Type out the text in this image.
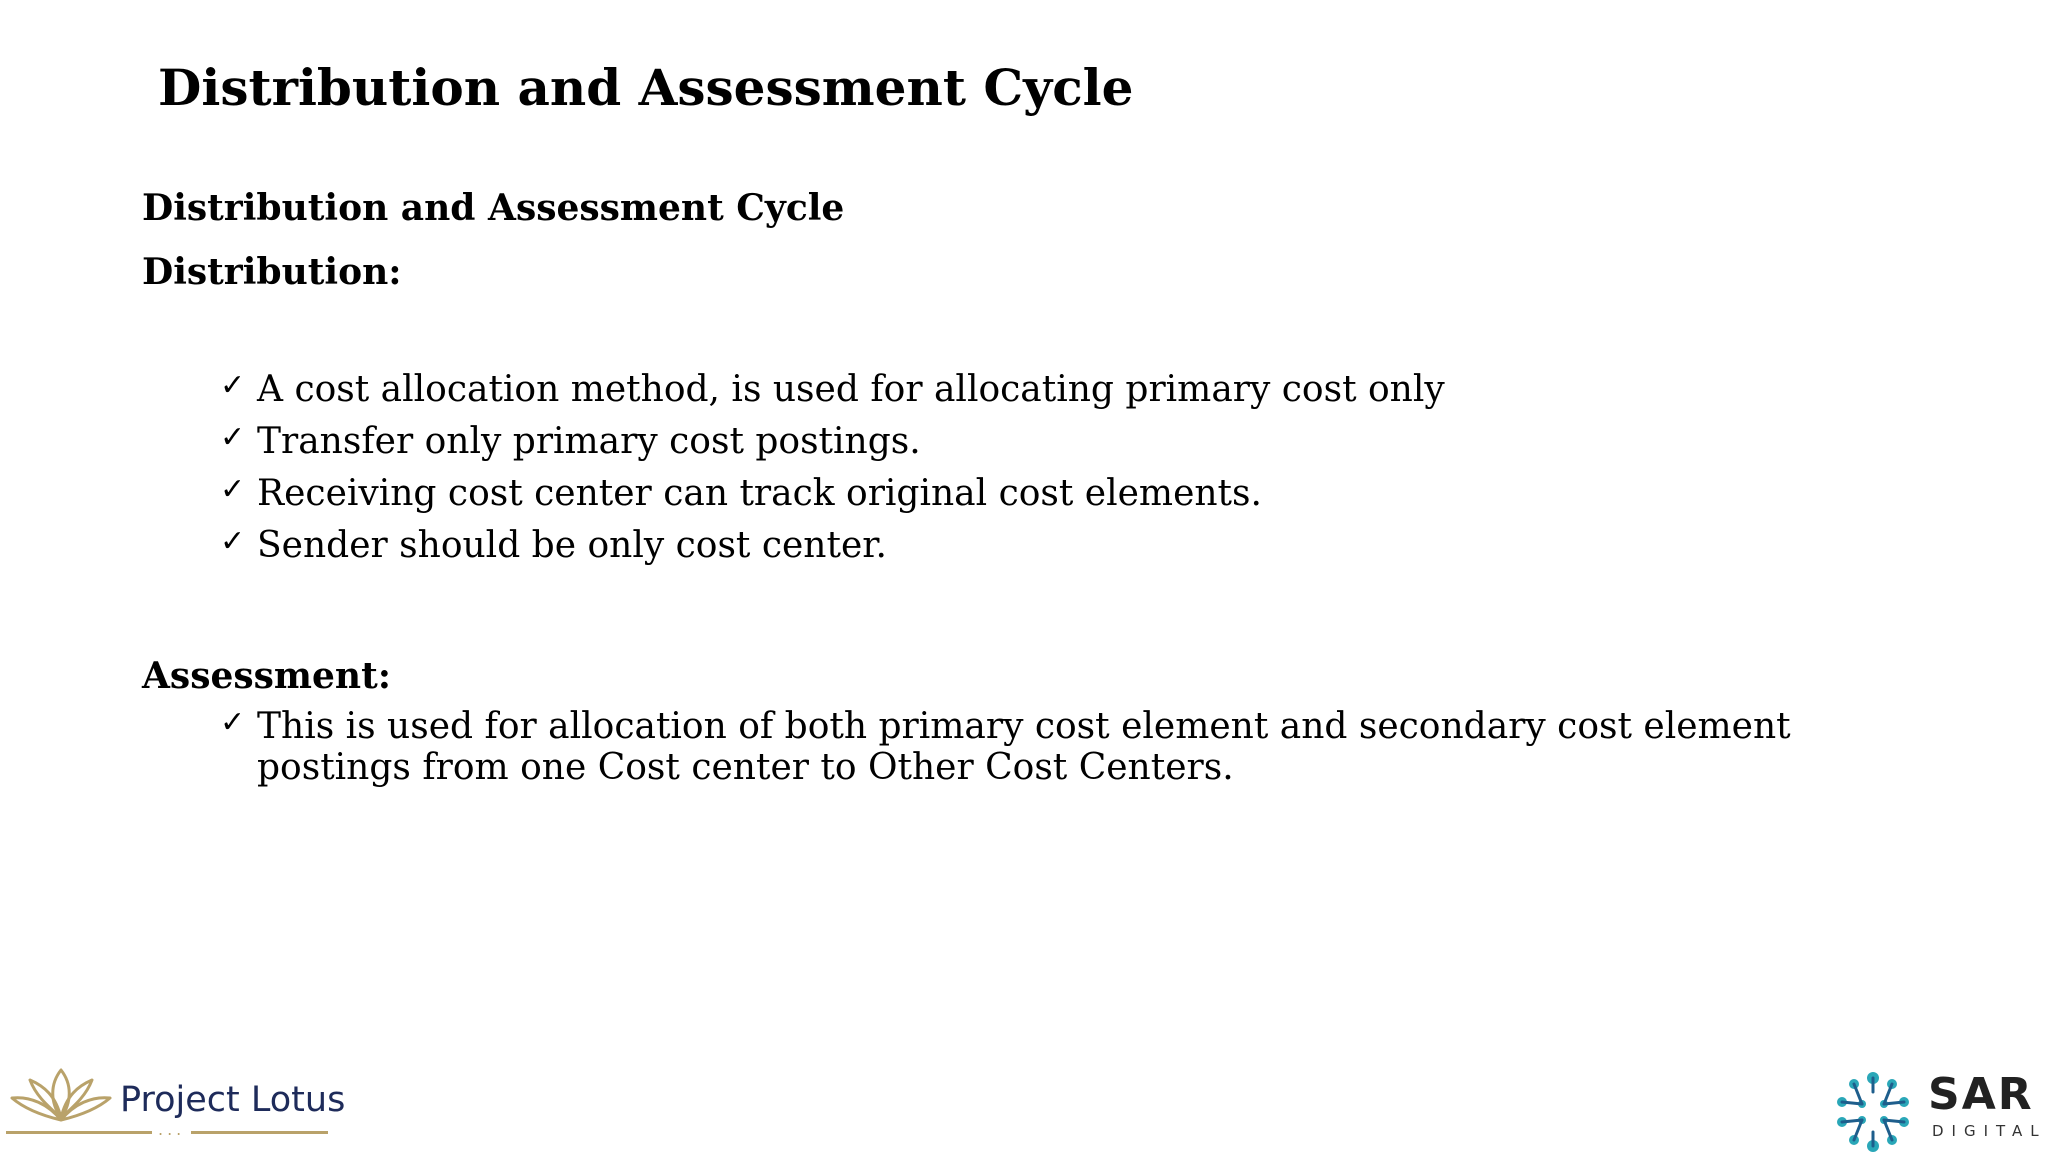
Distribution and Assessment Cycle
Distribution and Assessment Cycle
Distribution:
✓ A cost allocation method, is used for allocating primary cost only
✓ Transfer only primary cost postings.
✓ Receiving cost center can track original cost elements.
✓ Sender should be only cost center.
Assessment:
✓ This is used for allocation of both primary cost element and secondary cost element postings from one Cost center to Other Cost Centers.
Project Lotus
...
SAR
DIGITAL
